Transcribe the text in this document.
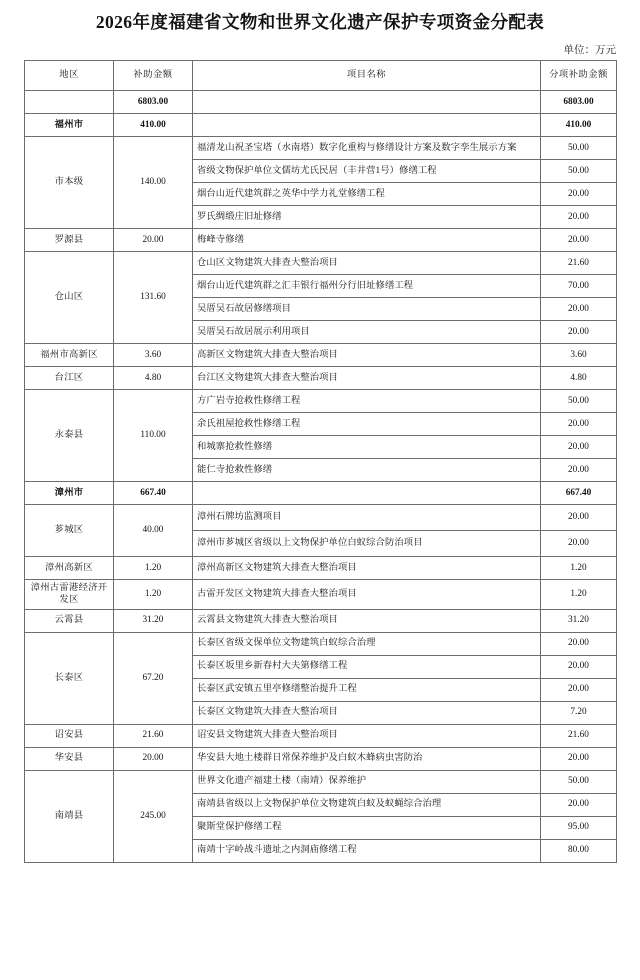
2026年度福建省文物和世界文化遗产保护专项资金分配表
单位：万元
地区	补助金额	项目名称	分项补助金额
	6803.00		6803.00
福州市	410.00		410.00
市本级	140.00	福清龙山祝圣宝塔（水南塔）数字化重构与修缮设计方案及数字孪生展示方案	50.00
		省级文物保护单位文儒坊尤氏民居（丰井营1号）修缮工程	50.00
		烟台山近代建筑群之英华中学力礼堂修缮工程	20.00
		罗氏绸缎庄旧址修缮	20.00
罗源县	20.00	梅峰寺修缮	20.00
仓山区	131.60	仓山区文物建筑大排查大整治项目	21.60
		烟台山近代建筑群之汇丰银行福州分行旧址修缮工程	70.00
		吴厝吴石故居修缮项目	20.00
		吴厝吴石故居展示利用项目	20.00
福州市高新区	3.60	高新区文物建筑大排查大整治项目	3.60
台江区	4.80	台江区文物建筑大排查大整治项目	4.80
永泰县	110.00	方广岩寺抢救性修缮工程	50.00
		余氏祖屋抢救性修缮工程	20.00
		和城寨抢救性修缮	20.00
		能仁寺抢救性修缮	20.00
漳州市	667.40		667.40
芗城区	40.00	漳州石牌坊监测项目	20.00
		漳州市芗城区省级以上文物保护单位白蚁综合防治项目	20.00
漳州高新区	1.20	漳州高新区文物建筑大排查大整治项目	1.20
漳州古雷港经济开发区	1.20	古雷开发区文物建筑大排查大整治项目	1.20
云霄县	31.20	云霄县文物建筑大排查大整治项目	31.20
长泰区	67.20	长泰区省级文保单位文物建筑白蚁综合治理	20.00
		长泰区坂里乡新春村大夫第修缮工程	20.00
		长泰区武安镇五里亭修缮整治提升工程	20.00
		长泰区文物建筑大排查大整治项目	7.20
诏安县	21.60	诏安县文物建筑大排查大整治项目	21.60
华安县	20.00	华安县大地土楼群日常保养维护及白蚁木蜂病虫害防治	20.00
南靖县	245.00	世界文化遗产福建土楼（南靖）保养维护	50.00
		南靖县省级以上文物保护单位文物建筑白蚁及蚁蝇综合治理	20.00
		聚斯堂保护修缮工程	95.00
		南靖十字岭战斗遗址之内洞庙修缮工程	80.00
